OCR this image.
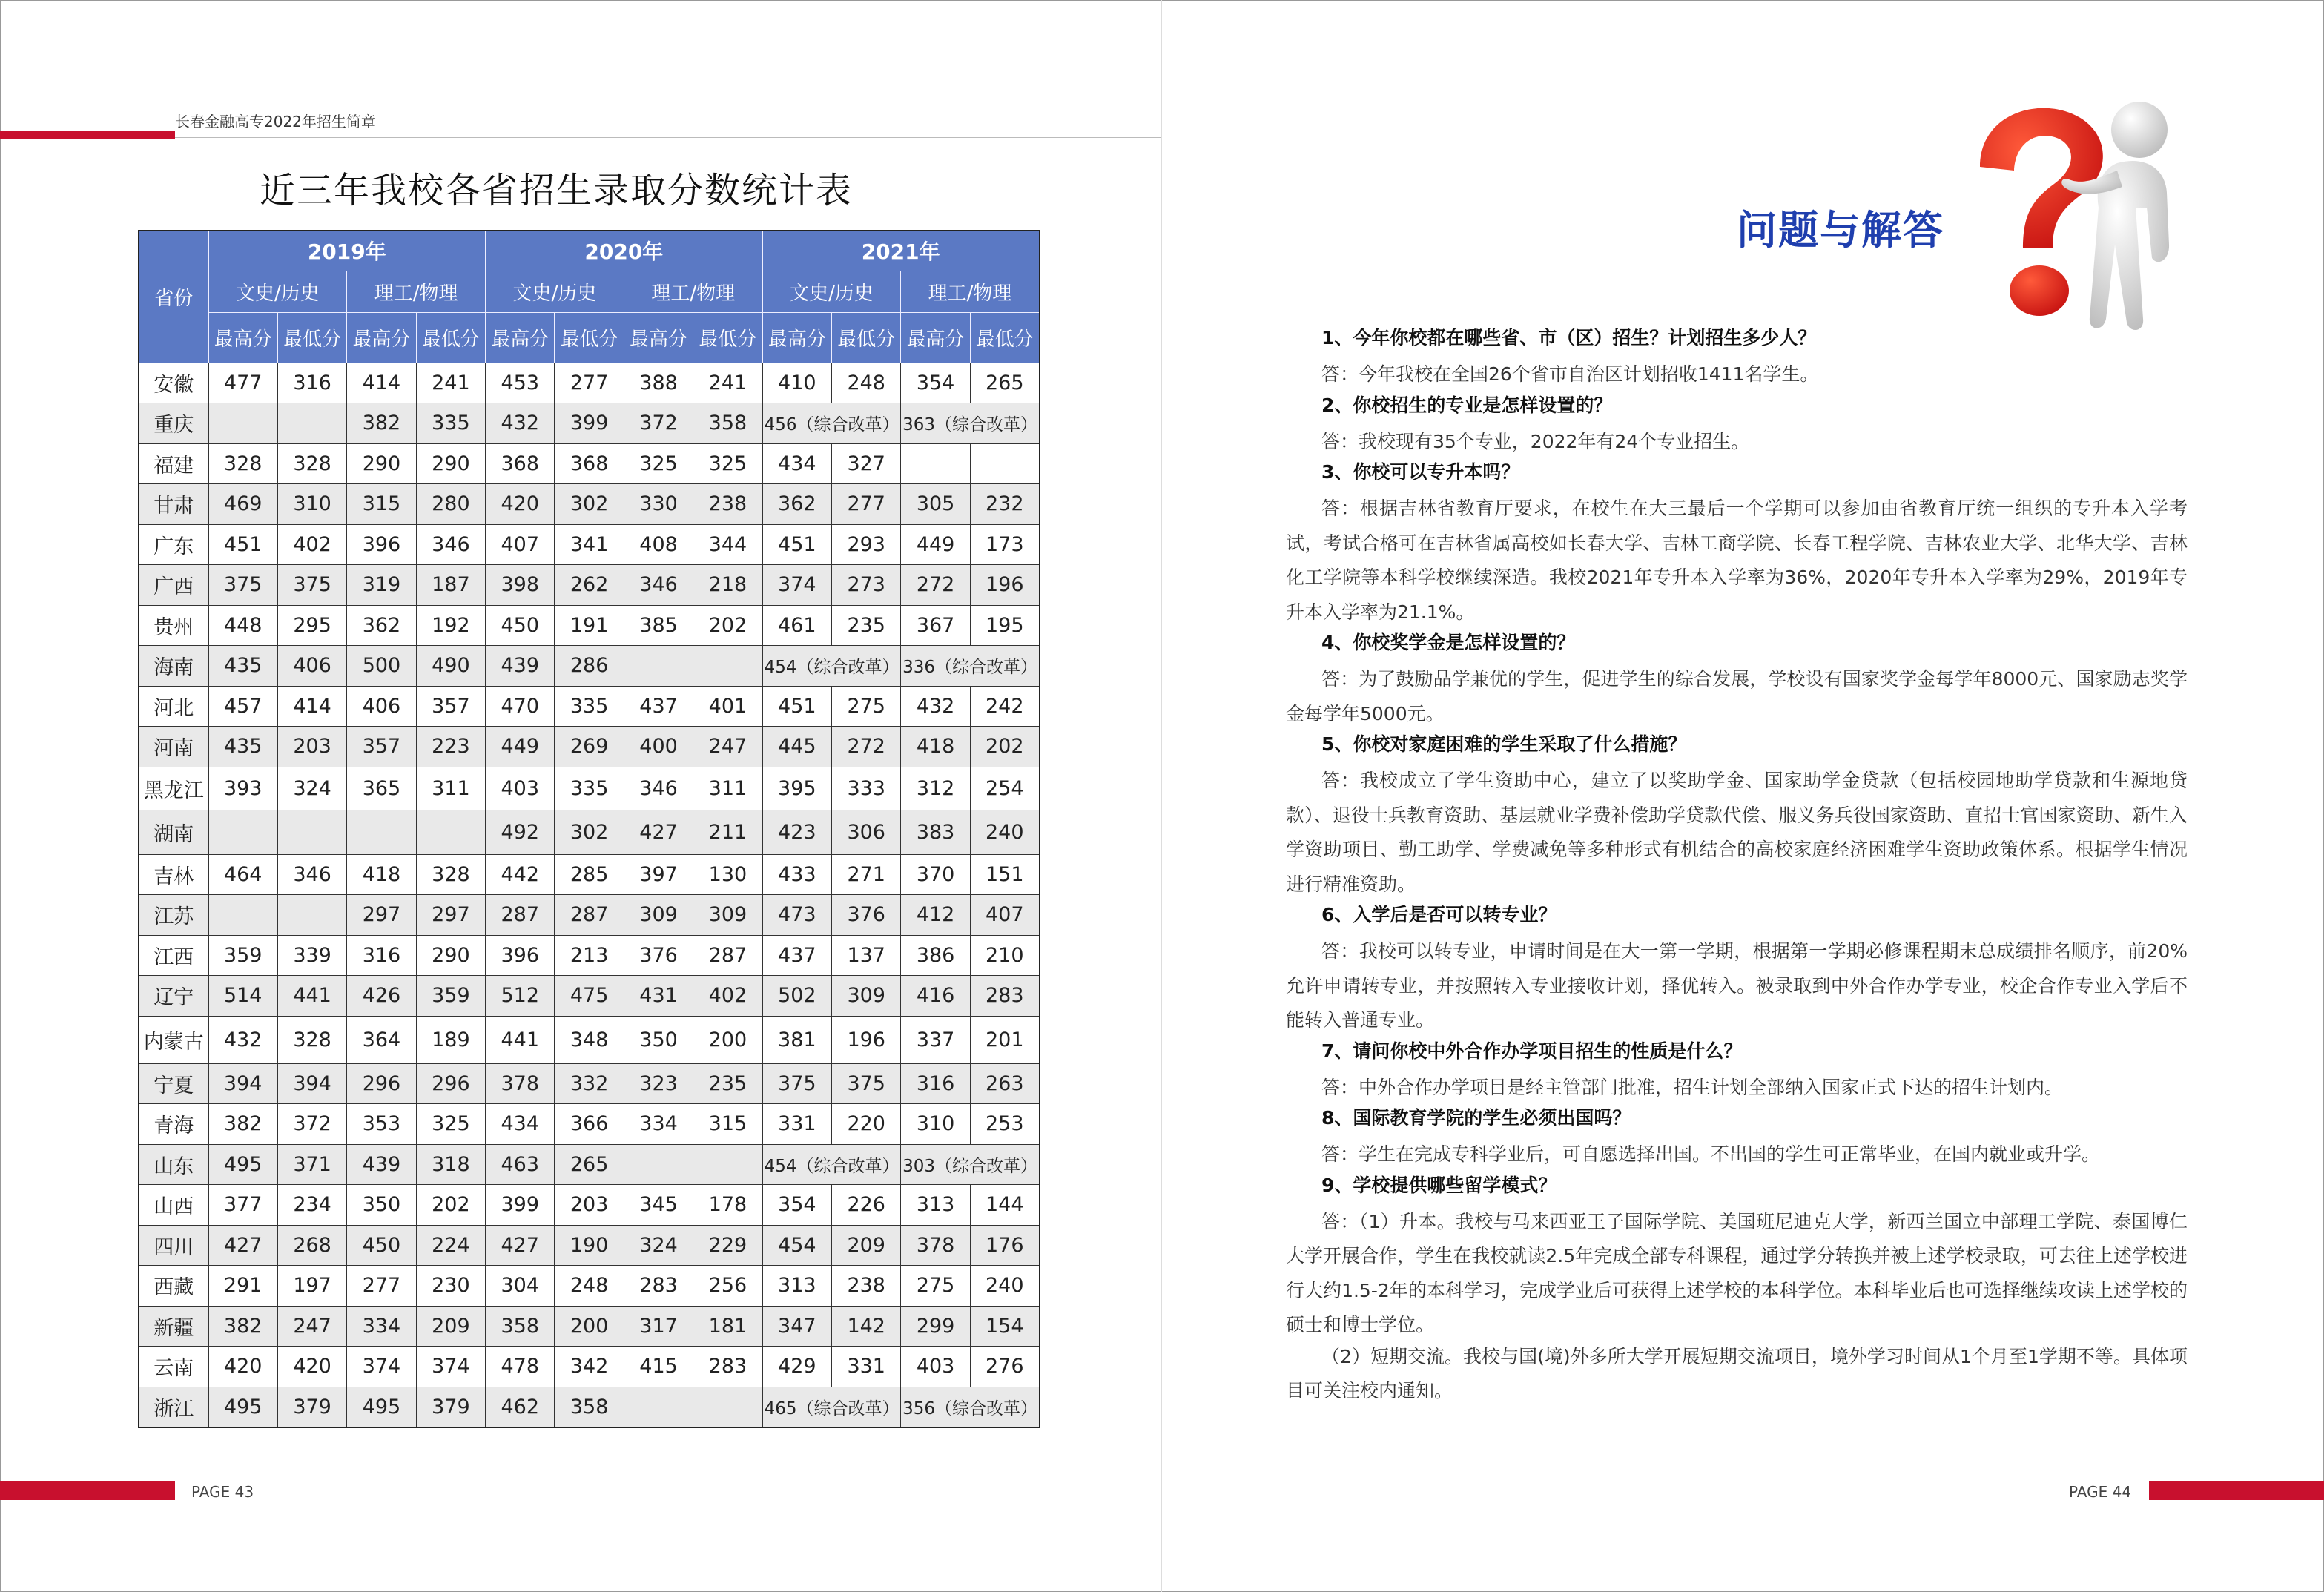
长春金融高专2022年招生简章
近三年我校各省招生录取分数统计表
省份	2019年				2020年				2021年			
	文史/历史		理工/物理		文史/历史		理工/物理		文史/历史		理工/物理	
	最高分	最低分	最高分	最低分	最高分	最低分	最高分	最低分	最高分	最低分	最高分	最低分
安徽	477	316	414	241	453	277	388	241	410	248	354	265
重庆			382	335	432	399	372	358	456（综合改革）		363（综合改革）	
福建	328	328	290	290	368	368	325	325	434	327		
甘肃	469	310	315	280	420	302	330	238	362	277	305	232
广东	451	402	396	346	407	341	408	344	451	293	449	173
广西	375	375	319	187	398	262	346	218	374	273	272	196
贵州	448	295	362	192	450	191	385	202	461	235	367	195
海南	435	406	500	490	439	286			454（综合改革）		336（综合改革）	
河北	457	414	406	357	470	335	437	401	451	275	432	242
河南	435	203	357	223	449	269	400	247	445	272	418	202
黑龙江	393	324	365	311	403	335	346	311	395	333	312	254
湖南					492	302	427	211	423	306	383	240
吉林	464	346	418	328	442	285	397	130	433	271	370	151
江苏			297	297	287	287	309	309	473	376	412	407
江西	359	339	316	290	396	213	376	287	437	137	386	210
辽宁	514	441	426	359	512	475	431	402	502	309	416	283
内蒙古	432	328	364	189	441	348	350	200	381	196	337	201
宁夏	394	394	296	296	378	332	323	235	375	375	316	263
青海	382	372	353	325	434	366	334	315	331	220	310	253
山东	495	371	439	318	463	265			454（综合改革）		303（综合改革）	
山西	377	234	350	202	399	203	345	178	354	226	313	144
四川	427	268	450	224	427	190	324	229	454	209	378	176
西藏	291	197	277	230	304	248	283	256	313	238	275	240
新疆	382	247	334	209	358	200	317	181	347	142	299	154
云南	420	420	374	374	478	342	415	283	429	331	403	276
浙江	495	379	495	379	462	358			465（综合改革）		356（综合改革）	
PAGE 43
问题与解答
1、今年你校都在哪些省、市（区）招生？计划招生多少人？
答：今年我校在全国26个省市自治区计划招收1411名学生。
2、你校招生的专业是怎样设置的？
答：我校现有35个专业，2022年有24个专业招生。
3、你校可以专升本吗？
答：根据吉林省教育厅要求，在校生在大三最后一个学期可以参加由省教育厅统一组织的专升本入学考试，考试合格可在吉林省属高校如长春大学、吉林工商学院、长春工程学院、吉林农业大学、北华大学、吉林化工学院等本科学校继续深造。我校2021年专升本入学率为36%，2020年专升本入学率为29%，2019年专升本入学率为21.1%。
4、你校奖学金是怎样设置的？
答：为了鼓励品学兼优的学生，促进学生的综合发展，学校设有国家奖学金每学年8000元、国家励志奖学金每学年5000元。
5、你校对家庭困难的学生采取了什么措施？
答：我校成立了学生资助中心，建立了以奖助学金、国家助学金贷款（包括校园地助学贷款和生源地贷款）、退役士兵教育资助、基层就业学费补偿助学贷款代偿、服义务兵役国家资助、直招士官国家资助、新生入学资助项目、勤工助学、学费减免等多种形式有机结合的高校家庭经济困难学生资助政策体系。根据学生情况进行精准资助。
6、入学后是否可以转专业？
答：我校可以转专业，申请时间是在大一第一学期，根据第一学期必修课程期末总成绩排名顺序，前20%允许申请转专业，并按照转入专业接收计划，择优转入。被录取到中外合作办学专业，校企合作专业入学后不能转入普通专业。
7、请问你校中外合作办学项目招生的性质是什么？
答：中外合作办学项目是经主管部门批准，招生计划全部纳入国家正式下达的招生计划内。
8、国际教育学院的学生必须出国吗？
答：学生在完成专科学业后，可自愿选择出国。不出国的学生可正常毕业，在国内就业或升学。
9、学校提供哪些留学模式？
答：（1）升本。我校与马来西亚王子国际学院、美国班尼迪克大学，新西兰国立中部理工学院、泰国博仁大学开展合作，学生在我校就读2.5年完成全部专科课程，通过学分转换并被上述学校录取，可去往上述学校进行大约1.5-2年的本科学习，完成学业后可获得上述学校的本科学位。本科毕业后也可选择继续攻读上述学校的硕士和博士学位。
（2）短期交流。我校与国(境)外多所大学开展短期交流项目，境外学习时间从1个月至1学期不等。具体项目可关注校内通知。
PAGE 44
